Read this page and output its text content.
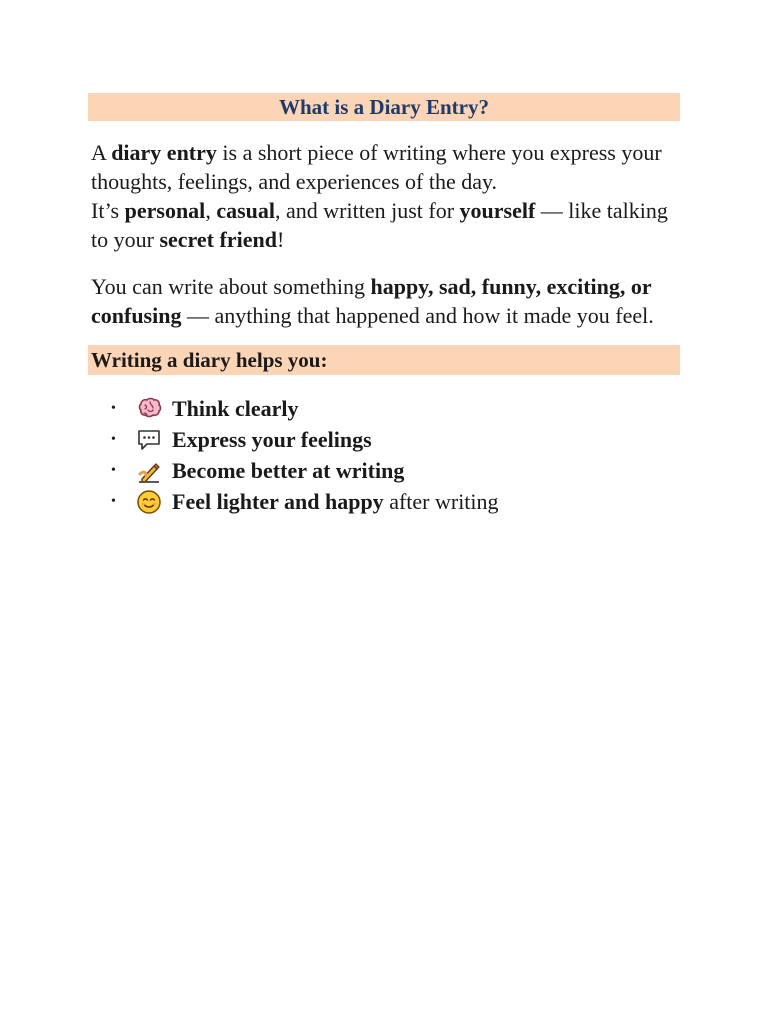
What is a Diary Entry?

A diary entry is a short piece of writing where you express your thoughts, feelings, and experiences of the day.
It’s personal, casual, and written just for yourself — like talking to your secret friend!

You can write about something happy, sad, funny, exciting, or confusing — anything that happened and how it made you feel.

Writing a diary helps you:
•	Think clearly
•	Express your feelings
•	Become better at writing
•	Feel lighter and happy after writing
